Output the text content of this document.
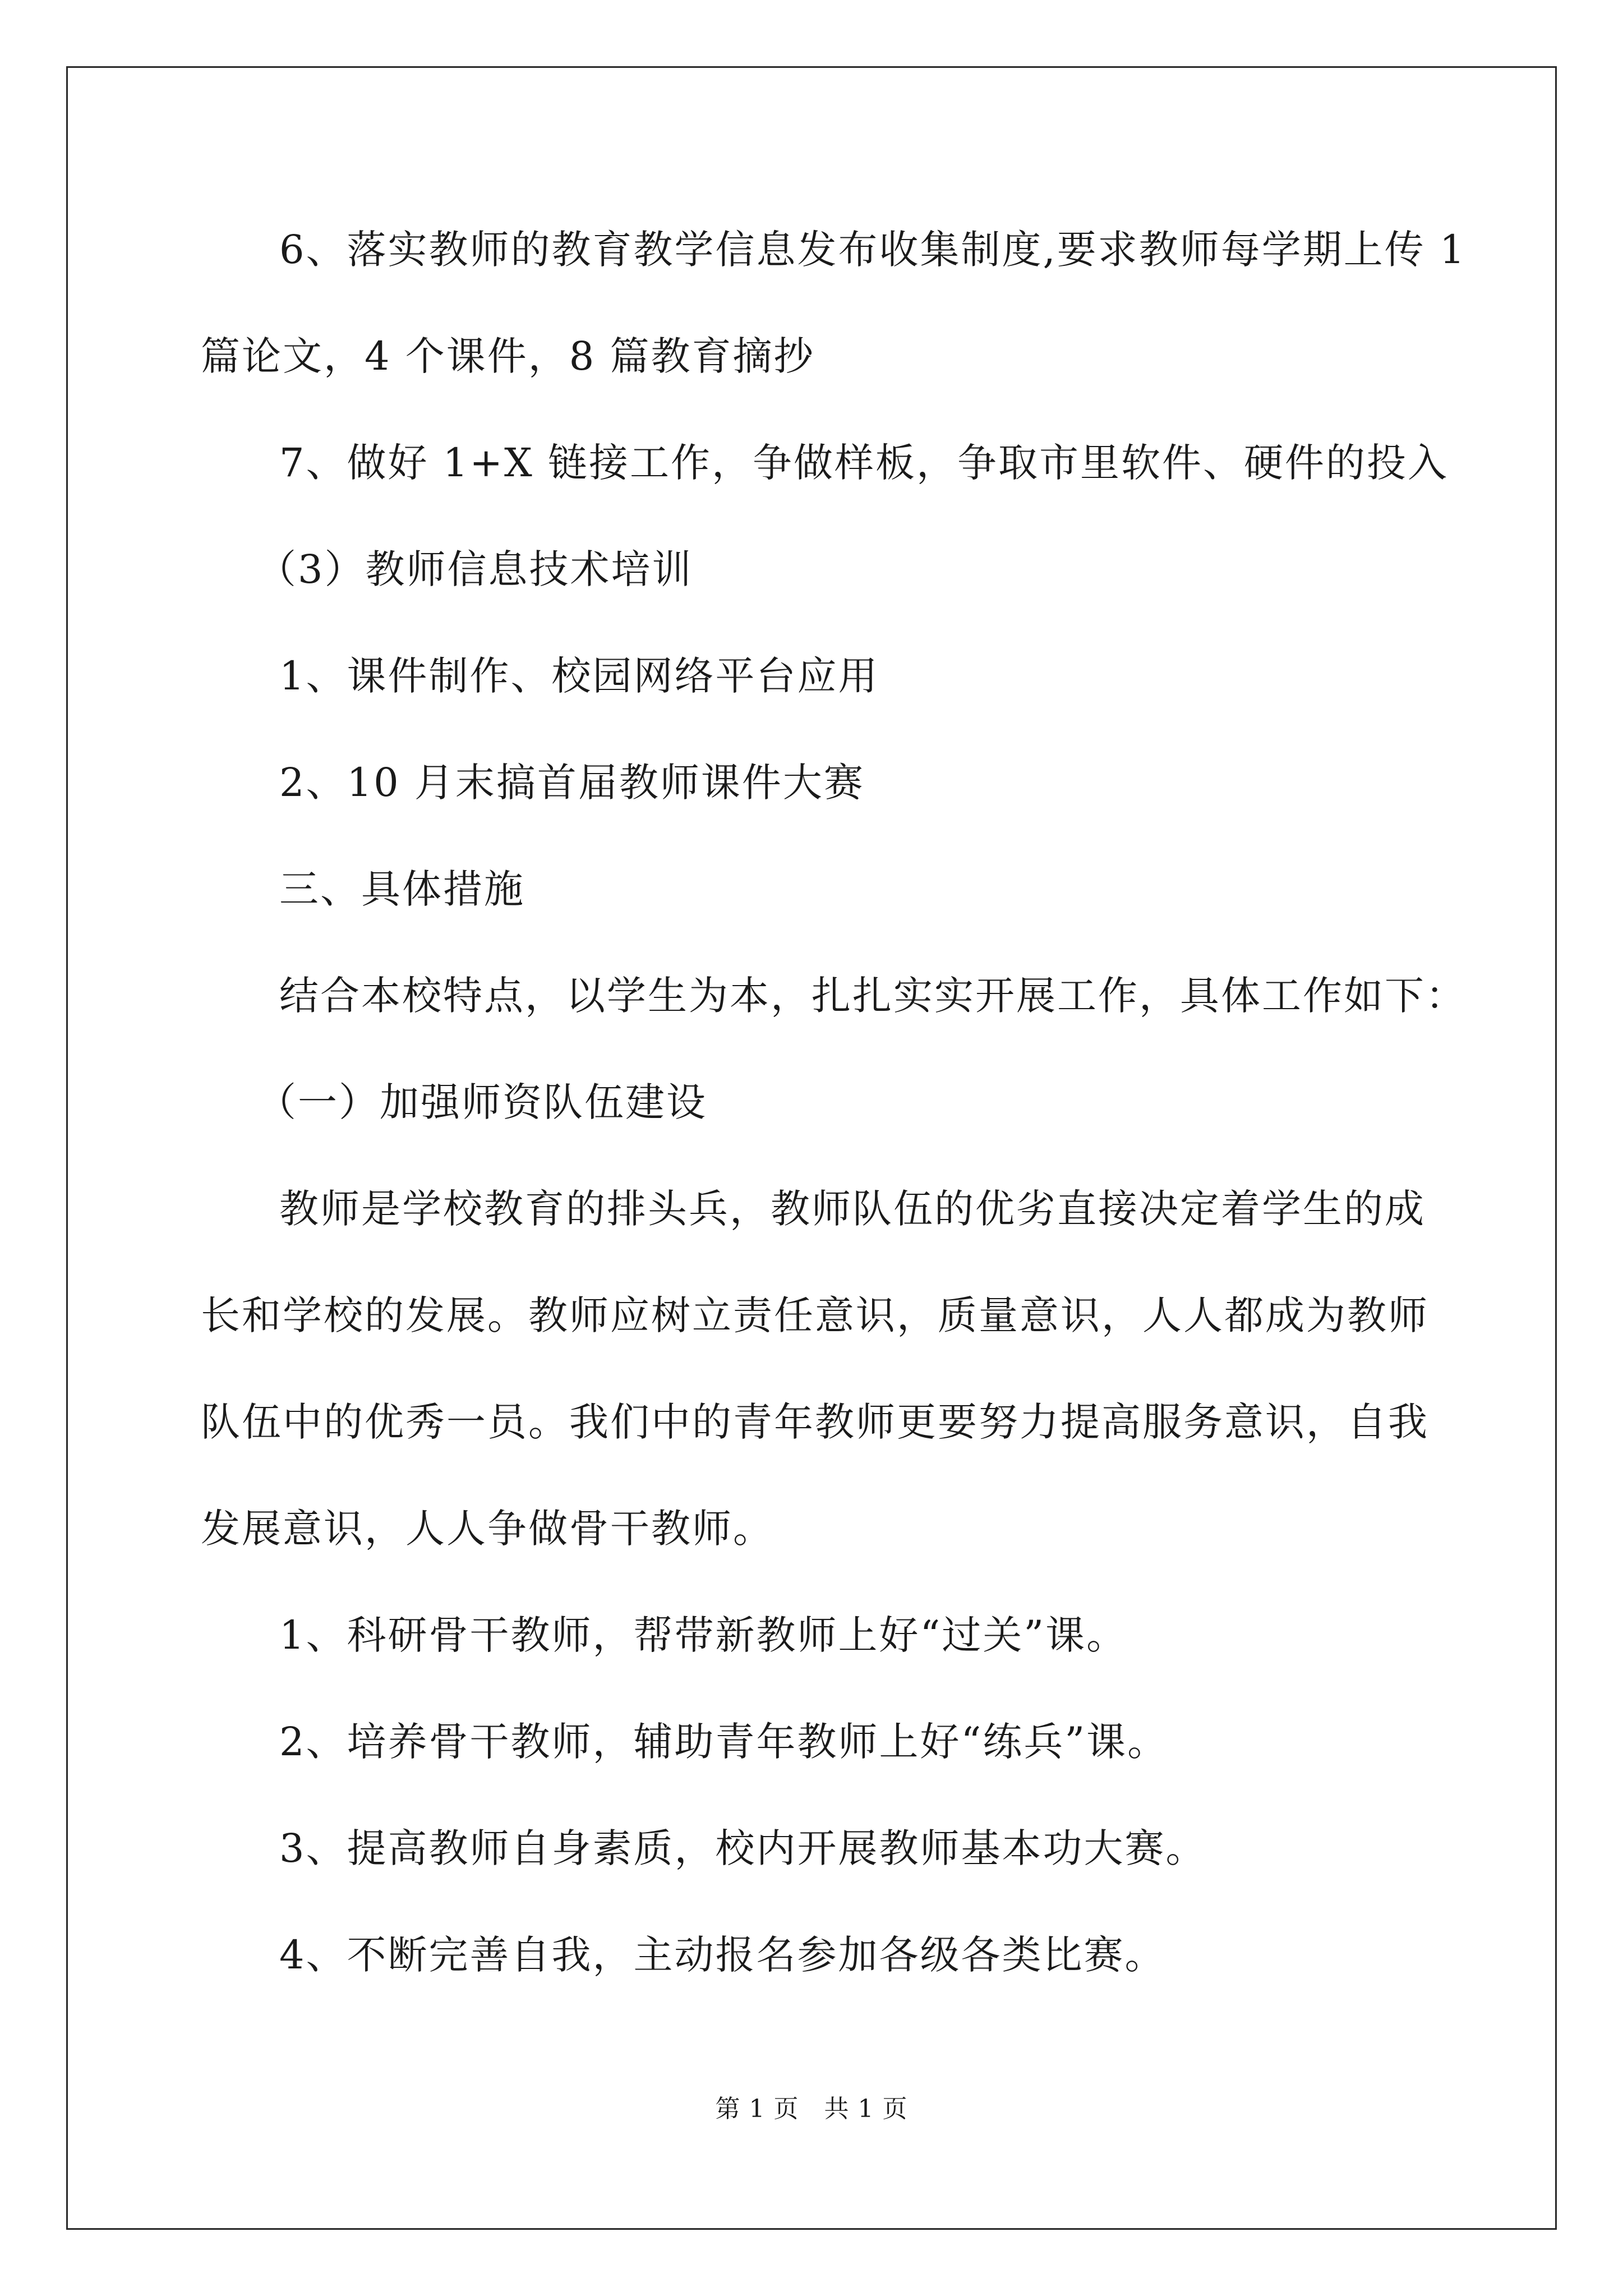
6、落实教师的教育教学信息发布收集制度,要求教师每学期上传 1
篇论文，4 个课件，8 篇教育摘抄
7、做好 1+X 链接工作，争做样板，争取市里软件、硬件的投入
（3）教师信息技术培训
1、课件制作、校园网络平台应用
2、10 月末搞首届教师课件大赛
三、具体措施
结合本校特点，以学生为本，扎扎实实开展工作，具体工作如下：
（一）加强师资队伍建设
教师是学校教育的排头兵，教师队伍的优劣直接决定着学生的成
长和学校的发展。教师应树立责任意识，质量意识，人人都成为教师
队伍中的优秀一员。我们中的青年教师更要努力提高服务意识，自我
发展意识，人人争做骨干教师。
1、科研骨干教师，帮带新教师上好“过关”课。
2、培养骨干教师，辅助青年教师上好“练兵”课。
3、提高教师自身素质，校内开展教师基本功大赛。
4、不断完善自我，主动报名参加各级各类比赛。
第 1 页　共 1 页
